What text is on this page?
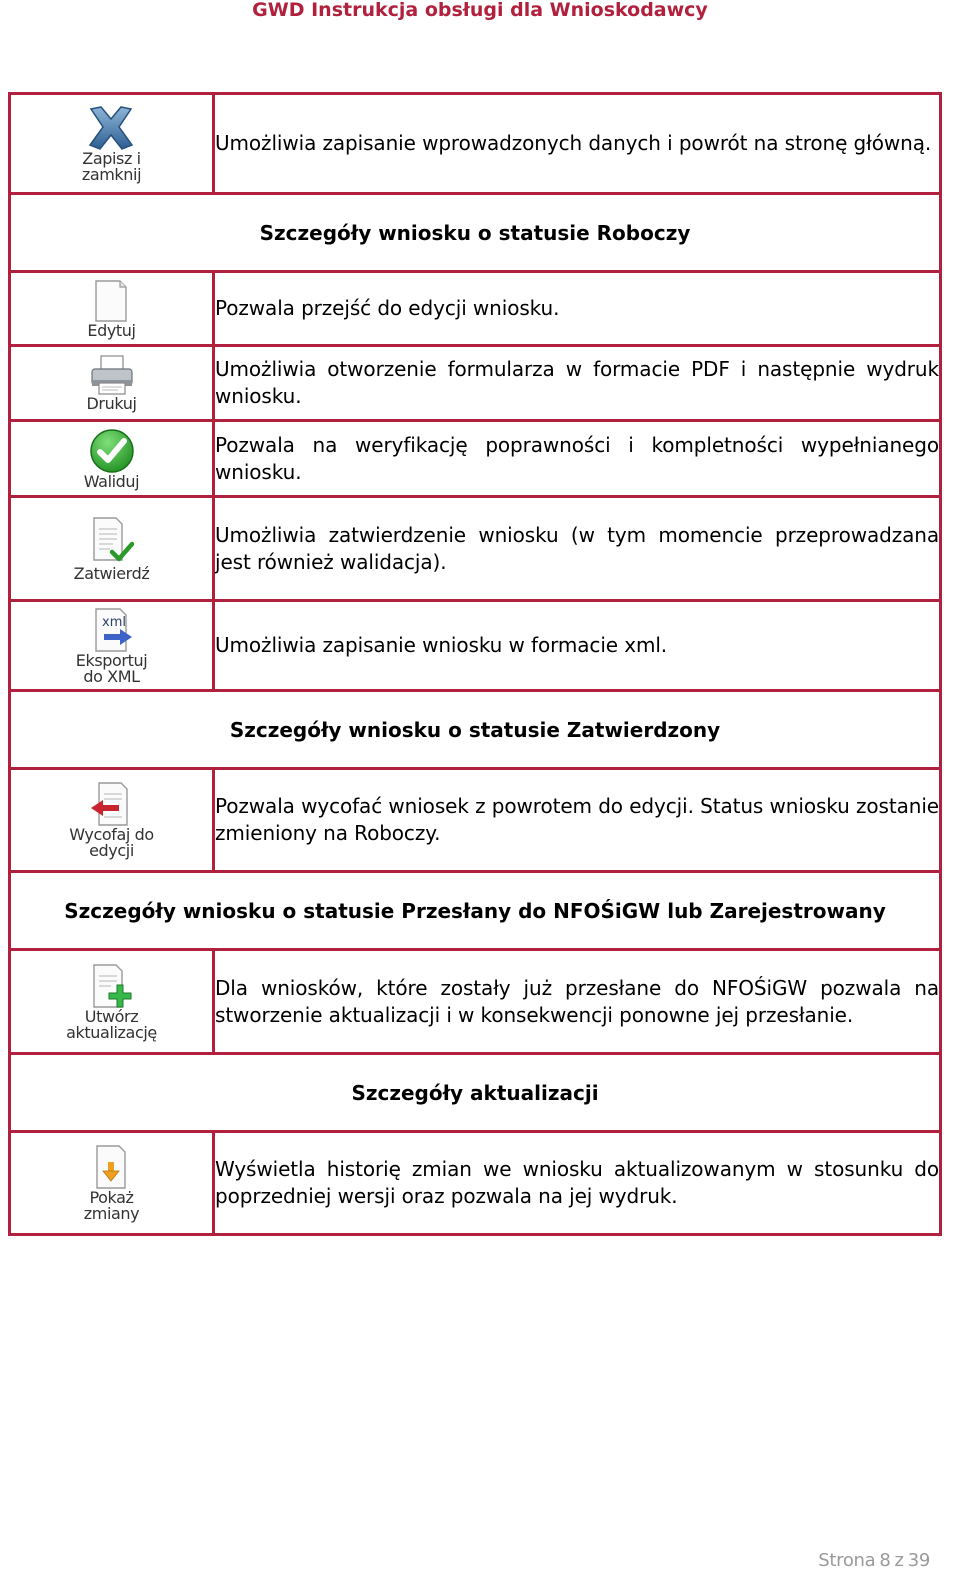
GWD Instrukcja obsługi dla Wnioskodawcy
Zapisz i
zamknij	Umożliwia zapisanie wprowadzonych danych i powrót na stronę główną.
Szczegóły wniosku o statusie Roboczy	

Edytuj	Pozwala przejść do edycji wniosku.

Drukuj	Umożliwia otworzenie formularza w formacie PDF i następnie wydruk wniosku.

Waliduj	Pozwala na weryfikację poprawności i kompletności wypełnianego wniosku.

Zatwierdź	Umożliwia zatwierdzenie wniosku (w tym momencie przeprowadzana jest również walidacja).

xml
Eksportuj
do XML	Umożliwia zapisanie wniosku w formacie xml.
Szczegóły wniosku o statusie Zatwierdzony	

Wycofaj do
edycji	Pozwala wycofać wniosek z powrotem do edycji. Status wniosku zostanie zmieniony na Roboczy.
Szczegóły wniosku o statusie Przesłany do NFOŚiGW lub Zarejestrowany	

Utwórz
aktualizację	Dla wniosków, które zostały już przesłane do NFOŚiGW pozwala na stworzenie aktualizacji i w konsekwencji ponowne jej przesłanie.
Szczegóły aktualizacji	

Pokaż
zmiany	Wyświetla historię zmian we wniosku aktualizowanym w stosunku do poprzedniej wersji oraz pozwala na jej wydruk.
Strona 8 z 39
